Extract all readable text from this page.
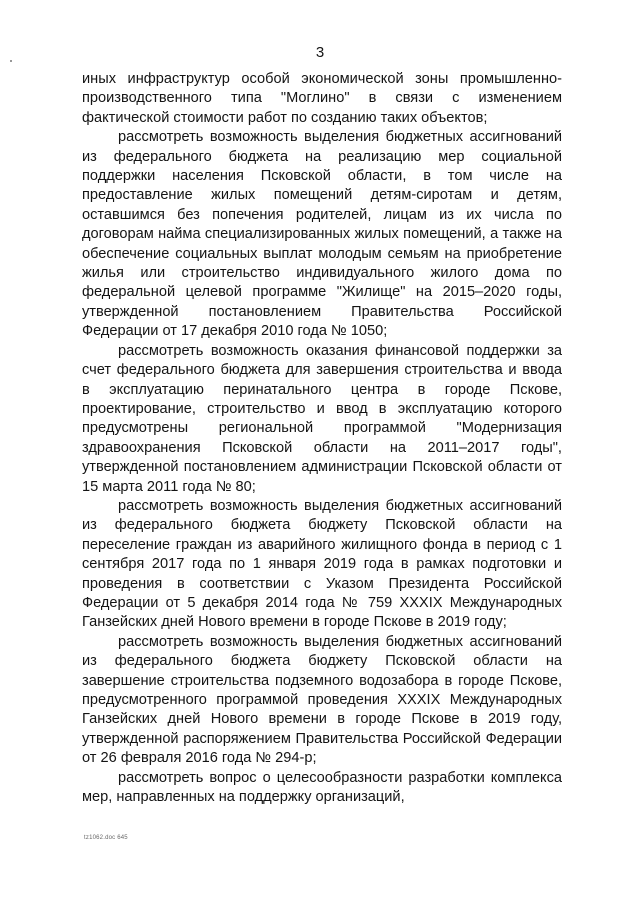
3

иных инфраструктур особой экономической зоны промышленно-производственного типа "Моглино" в связи с изменением фактической стоимости работ по созданию таких объектов;

рассмотреть возможность выделения бюджетных ассигнований из федерального бюджета на реализацию мер социальной поддержки населения Псковской области, в том числе на предоставление жилых помещений детям-сиротам и детям, оставшимся без попечения родителей, лицам из их числа по договорам найма специализированных жилых помещений, а также на обеспечение социальных выплат молодым семьям на приобретение жилья или строительство индивидуального жилого дома по федеральной целевой программе "Жилище" на 2015–2020 годы, утвержденной постановлением Правительства Российской Федерации от 17 декабря 2010 года № 1050;

рассмотреть возможность оказания финансовой поддержки за счет федерального бюджета для завершения строительства и ввода в эксплуатацию перинатального центра в городе Пскове, проектирование, строительство и ввод в эксплуатацию которого предусмотрены региональной программой "Модернизация здравоохранения Псковской области на 2011–2017 годы", утвержденной постановлением администрации Псковской области от 15 марта 2011 года № 80;

рассмотреть возможность выделения бюджетных ассигнований из федерального бюджета бюджету Псковской области на переселение граждан из аварийного жилищного фонда в период с 1 сентября 2017 года по 1 января 2019 года в рамках подготовки и проведения в соответствии с Указом Президента Российской Федерации от 5 декабря 2014 года № 759 XXXIX Международных Ганзейских дней Нового времени в городе Пскове в 2019 году;

рассмотреть возможность выделения бюджетных ассигнований из федерального бюджета бюджету Псковской области на завершение строительства подземного водозабора в городе Пскове, предусмотренного программой проведения XXXIX Международных Ганзейских дней Нового времени в городе Пскове в 2019 году, утвержденной распоряжением Правительства Российской Федерации от 26 февраля 2016 года № 294-р;

рассмотреть вопрос о целесообразности разработки комплекса мер, направленных на поддержку организаций,

tz1062.doc 645
